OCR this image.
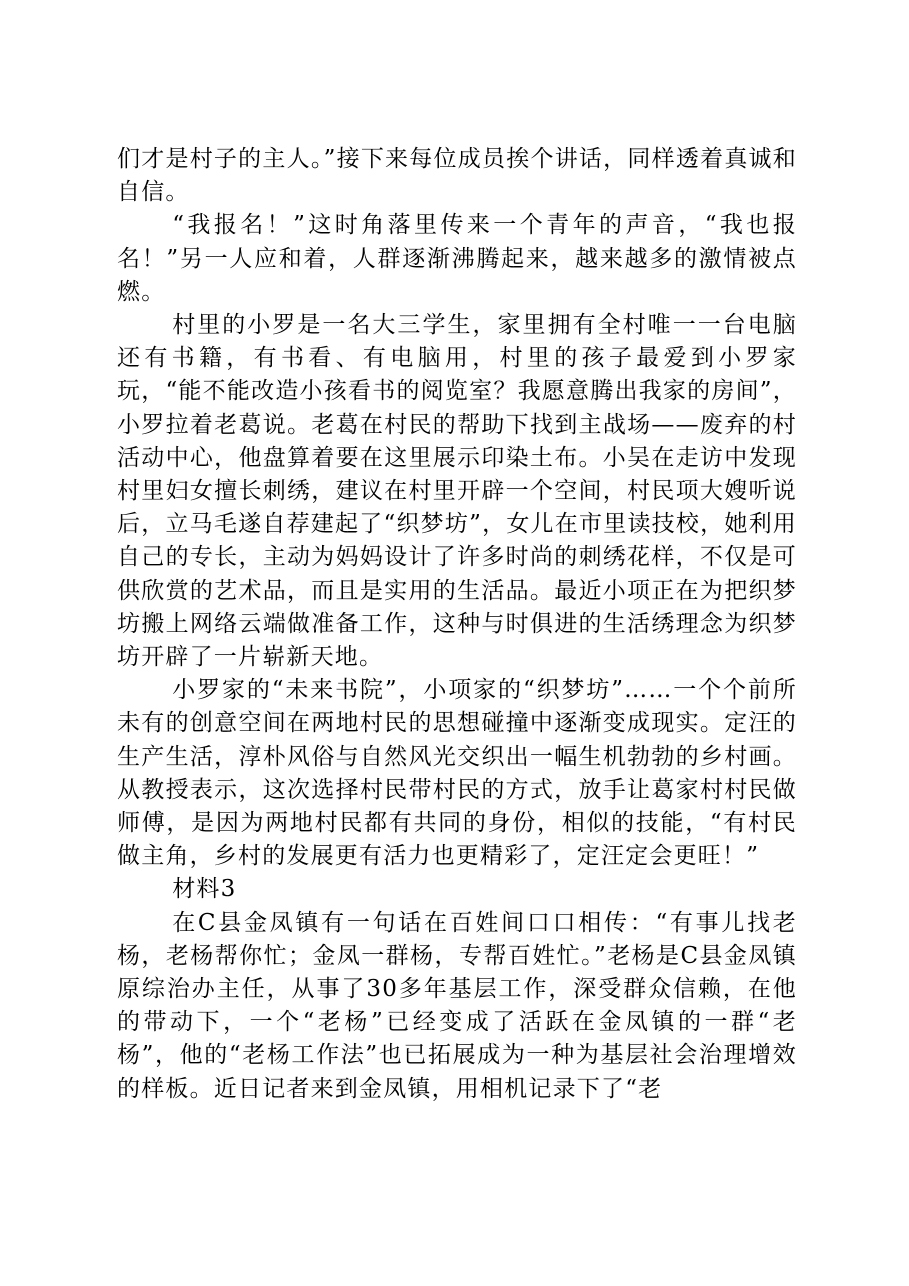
们才是村子的主人。”接下来每位成员挨个讲话，同样透着真诚和自信。

“我报名！”这时角落里传来一个青年的声音，“我也报名！”另一人应和着，人群逐渐沸腾起来，越来越多的激情被点燃。

村里的小罗是一名大三学生，家里拥有全村唯一一台电脑还有书籍，有书看、有电脑用，村里的孩子最爱到小罗家玩，“能不能改造小孩看书的阅览室？我愿意腾出我家的房间”，小罗拉着老葛说。老葛在村民的帮助下找到主战场——废弃的村活动中心，他盘算着要在这里展示印染土布。小吴在走访中发现村里妇女擅长刺绣，建议在村里开辟一个空间，村民项大嫂听说后，立马毛遂自荐建起了“织梦坊”，女儿在市里读技校，她利用自己的专长，主动为妈妈设计了许多时尚的刺绣花样，不仅是可供欣赏的艺术品，而且是实用的生活品。最近小项正在为把织梦坊搬上网络云端做准备工作，这种与时俱进的生活绣理念为织梦坊开辟了一片崭新天地。

小罗家的“未来书院”，小项家的“织梦坊”……一个个前所未有的创意空间在两地村民的思想碰撞中逐渐变成现实。定汪的生产生活，淳朴风俗与自然风光交织出一幅生机勃勃的乡村画。从教授表示，这次选择村民带村民的方式，放手让葛家村村民做师傅，是因为两地村民都有共同的身份，相似的技能，“有村民做主角，乡村的发展更有活力也更精彩了，定汪定会更旺！”

材料3

在C县金凤镇有一句话在百姓间口口相传：“有事儿找老杨，老杨帮你忙；金凤一群杨，专帮百姓忙。”老杨是C县金凤镇原综治办主任，从事了30多年基层工作，深受群众信赖，在他的带动下，一个“老杨”已经变成了活跃在金凤镇的一群“老杨”，他的“老杨工作法”也已拓展成为一种为基层社会治理增效的样板。近日记者来到金凤镇，用相机记录下了“老
